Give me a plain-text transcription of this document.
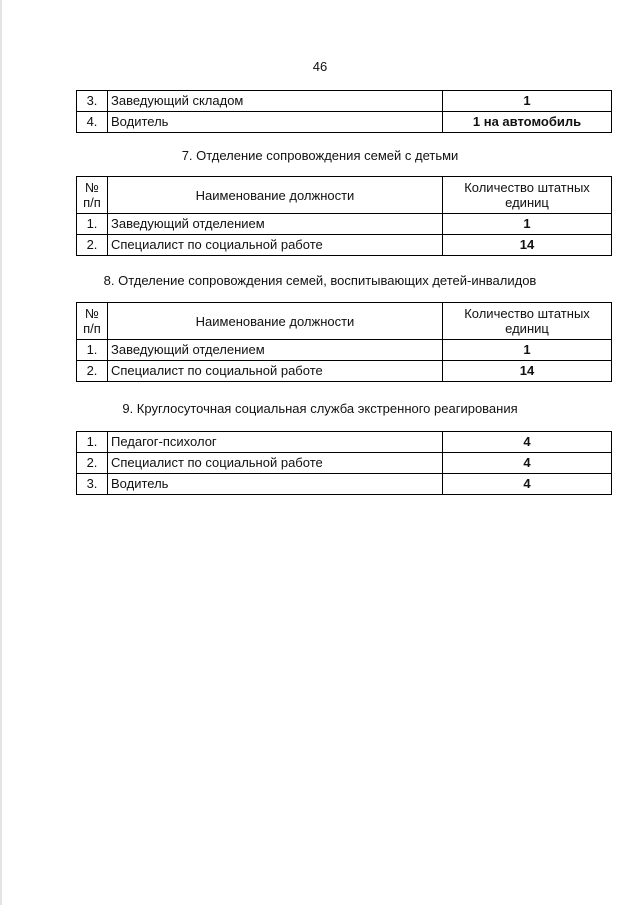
46
3.	Заведующий складом	1
4.	Водитель	1 на автомобиль
7. Отделение сопровождения семей с детьми
№ п/п	Наименование должности	Количество штатных единиц
1.	Заведующий отделением	1
2.	Специалист по социальной работе	14
8. Отделение сопровождения семей, воспитывающих детей-инвалидов
№ п/п	Наименование должности	Количество штатных единиц
1.	Заведующий отделением	1
2.	Специалист по социальной работе	14
9. Круглосуточная социальная служба экстренного реагирования
1.	Педагог-психолог	4
2.	Специалист по социальной работе	4
3.	Водитель	4
